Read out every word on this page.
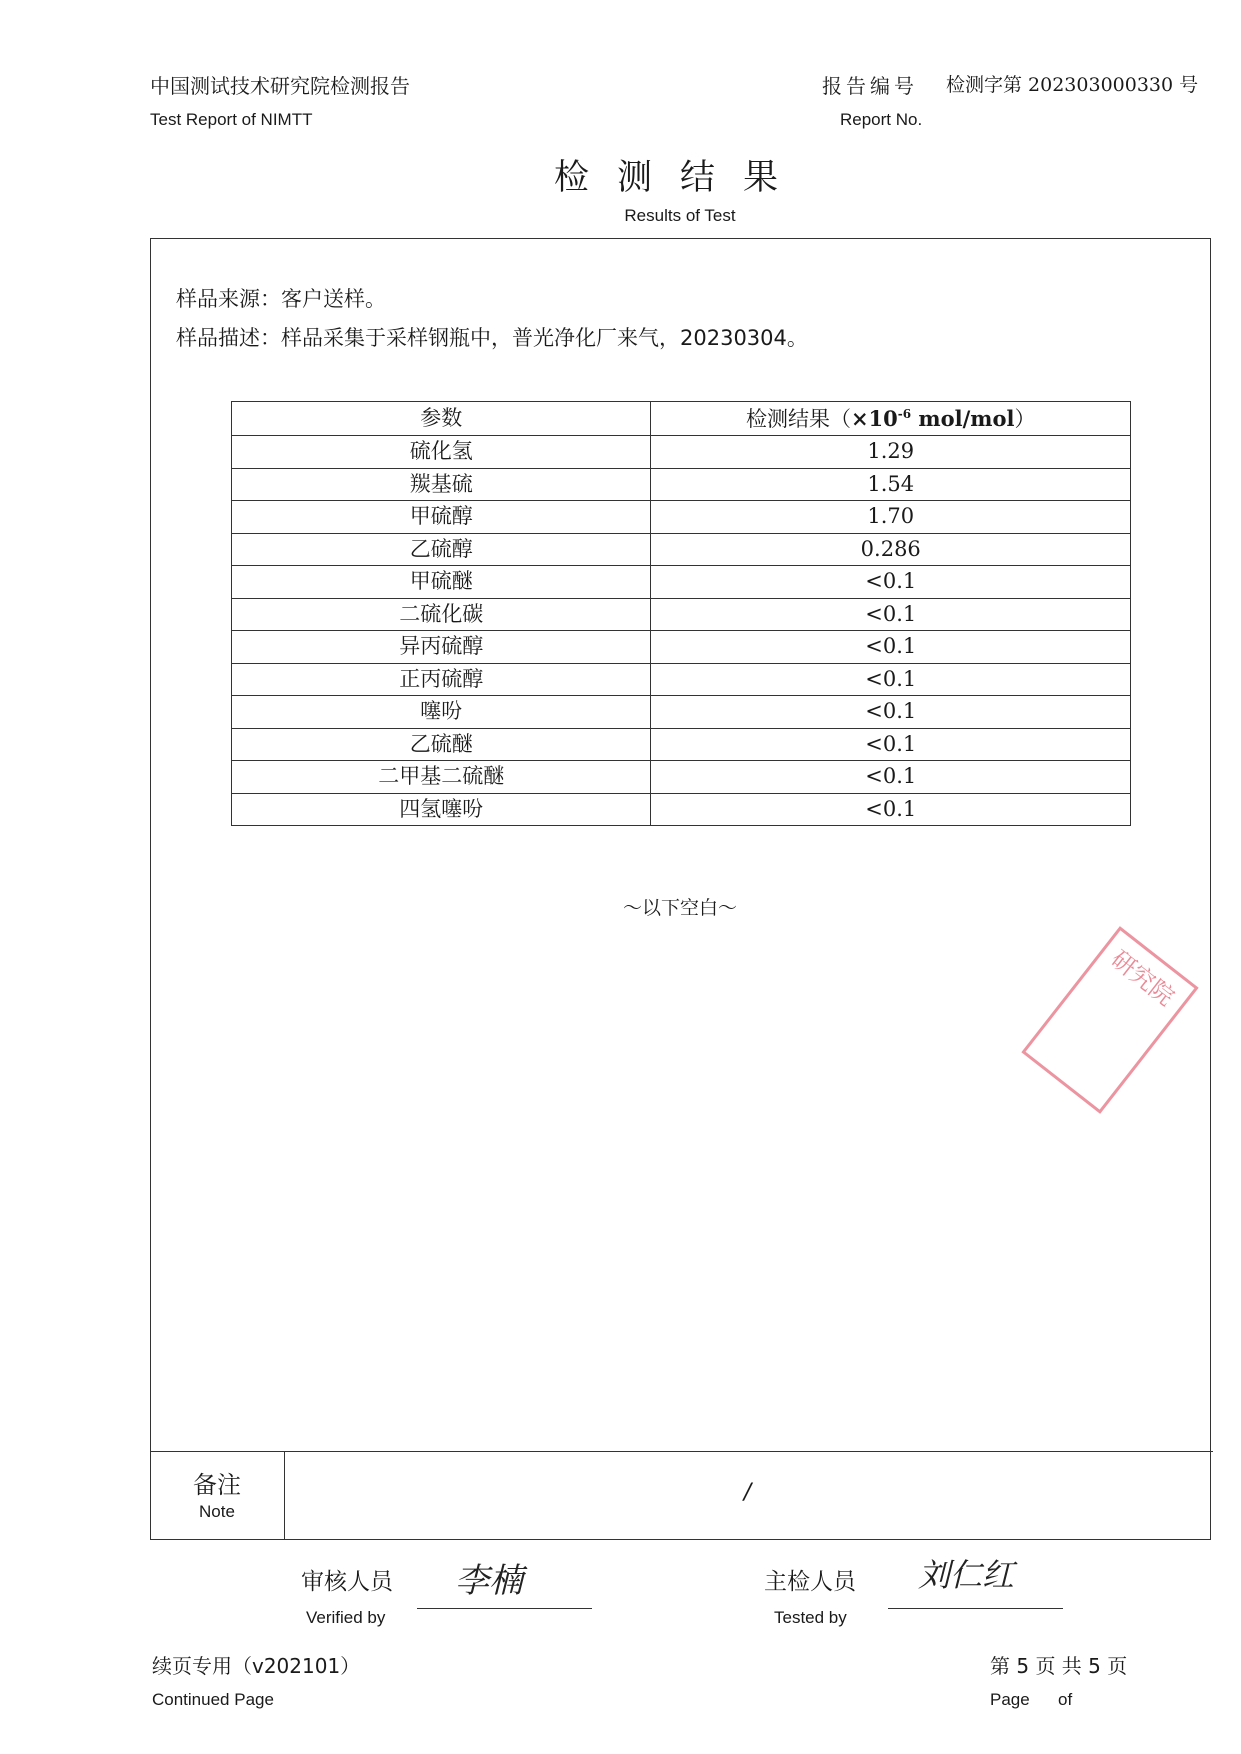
中国测试技术研究院检测报告
Test Report of NIMTT
报告编号 检测字第 202303000330 号
Report No.
检测结果
Results of Test
样品来源：客户送样。
样品描述：样品采集于采样钢瓶中，普光净化厂来气，20230304。
参数	检测结果（$\times 10^{-6}$ mol/mol）
硫化氢	1.29
羰基硫	1.54
甲硫醇	1.70
乙硫醇	0.286
甲硫醚	<0.1
二硫化碳	<0.1
异丙硫醇	<0.1
正丙硫醇	<0.1
噻吩	<0.1
乙硫醚	<0.1
二甲基二硫醚	<0.1
四氢噻吩	<0.1
～以下空白～
研究院
备注
Note
/
审核人员
Verified by
李楠	主检人员
Tested by
刘仁红
续页专用（v202101）
Continued Page
第 5 页 共 5 页
Page      of
